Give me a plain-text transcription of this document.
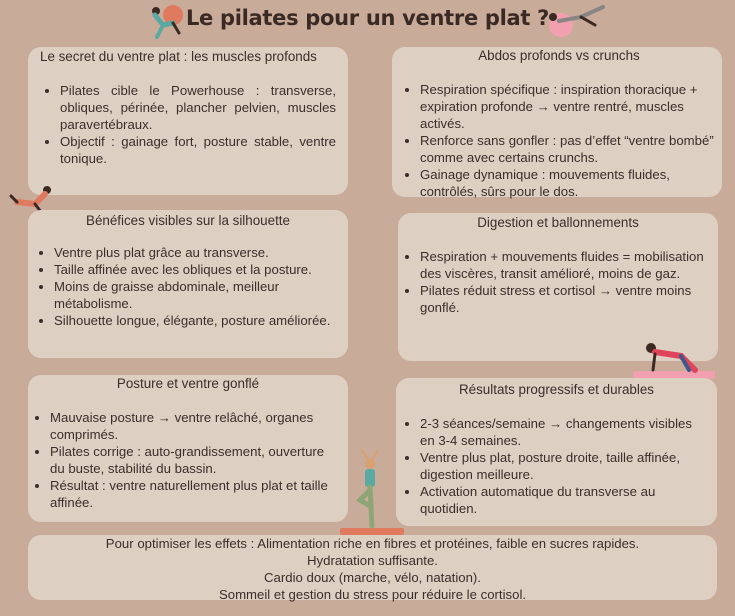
Le pilates pour un ventre plat ?
Le secret du ventre plat : les muscles profonds
• Pilates cible le Powerhouse : transverse, obliques, périnée, plancher pelvien, muscles paravertébraux.
• Objectif : gainage fort, posture stable, ventre tonique.
Abdos profonds vs crunchs
• Respiration spécifique : inspiration thoracique + expiration profonde → ventre rentré, muscles activés.
• Renforce sans gonfler : pas d’effet “ventre bombé” comme avec certains crunchs.
• Gainage dynamique : mouvements fluides, contrôlés, sûrs pour le dos.
Bénéfices visibles sur la silhouette
• Ventre plus plat grâce au transverse.
• Taille affinée avec les obliques et la posture.
• Moins de graisse abdominale, meilleur métabolisme.
• Silhouette longue, élégante, posture améliorée.
Digestion et ballonnements
• Respiration + mouvements fluides = mobilisation des viscères, transit amélioré, moins de gaz.
• Pilates réduit stress et cortisol → ventre moins gonflé.
Posture et ventre gonflé
• Mauvaise posture → ventre relâché, organes comprimés.
• Pilates corrige : auto-grandissement, ouverture du buste, stabilité du bassin.
• Résultat : ventre naturellement plus plat et taille affinée.
Résultats progressifs et durables
• 2-3 séances/semaine → changements visibles en 3-4 semaines.
• Ventre plus plat, posture droite, taille affinée, digestion meilleure.
• Activation automatique du transverse au quotidien.

Pour optimiser les effets : Alimentation riche en fibres et protéines, faible en sucres rapides.

Hydratation suffisante.

Cardio doux (marche, vélo, natation).

Sommeil et gestion du stress pour réduire le cortisol.
